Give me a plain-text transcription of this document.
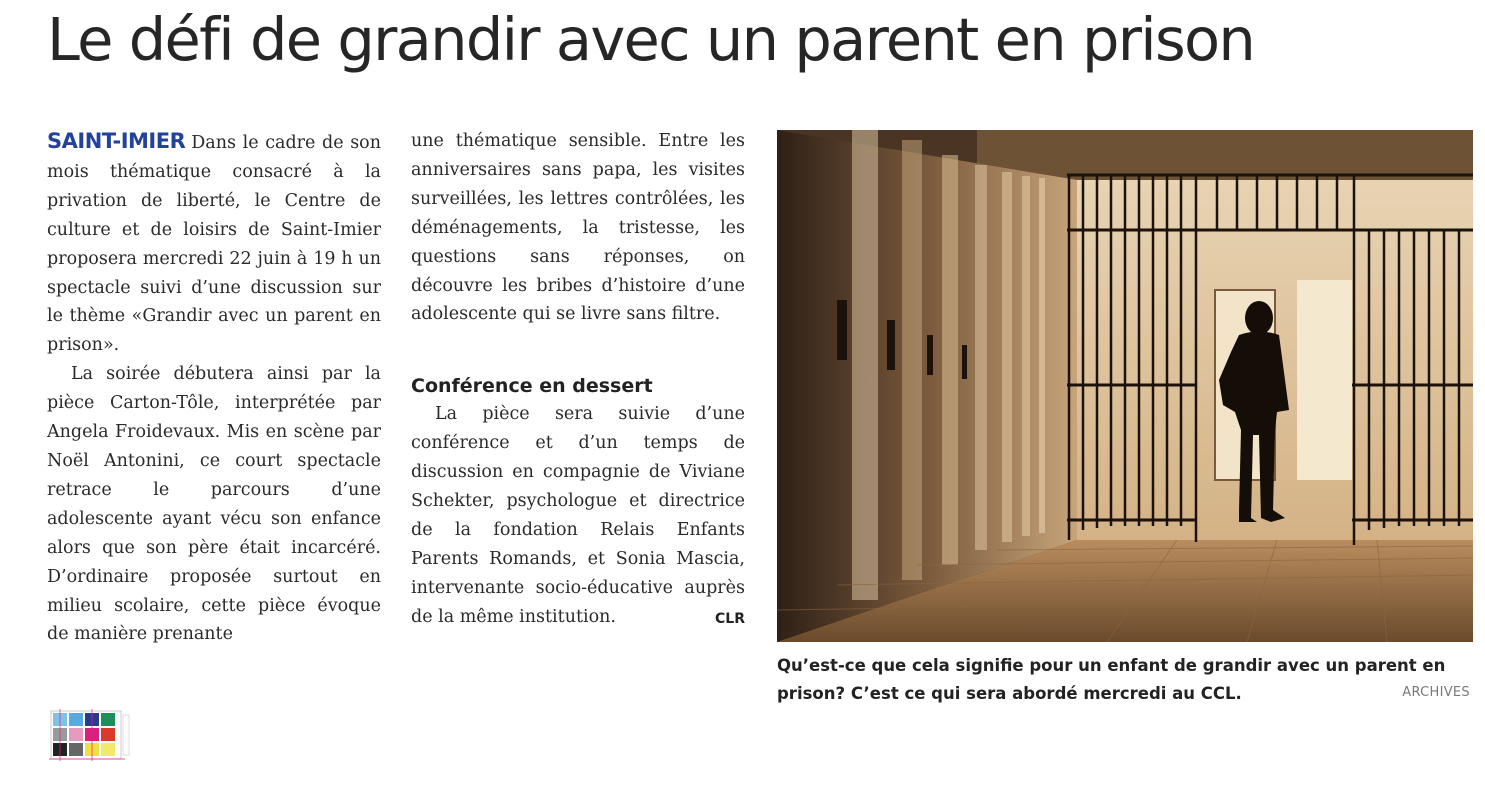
Le défi de grandir avec un parent en prison

SAINT-IMIER Dans le cadre de son mois thématique consacré à la privation de liberté, le Centre de culture et de loisirs de Saint-Imier proposera mercredi 22 juin à 19 h un spectacle suivi d’une discussion sur le thème «Grandir avec un parent en prison».

La soirée débutera ainsi par la pièce Carton-Tôle, interprétée par Angela Froidevaux. Mis en scène par Noël Antonini, ce court spectacle retrace le parcours d’une adolescente ayant vécu son enfance alors que son père était incarcéré. D’ordinaire proposée surtout en milieu scolaire, cette pièce évoque de manière prenante

une thématique sensible. Entre les anniversaires sans papa, les visites surveillées, les lettres contrôlées, les déménagements, la tristesse, les questions sans réponses, on découvre les bribes d’histoire d’une adolescente qui se livre sans filtre.

Conférence en dessert

La pièce sera suivie d’une conférence et d’un temps de discussion en compagnie de Viviane Schekter, psychologue et directrice de la fondation Relais Enfants Parents Romands, et Sonia Mascia, intervenante socio-éducative auprès de la même institution.	CLR

Qu’est-ce que cela signifie pour un enfant de grandir avec un parent en prison? C’est ce qui sera abordé mercredi au CCL.	ARCHIVES
